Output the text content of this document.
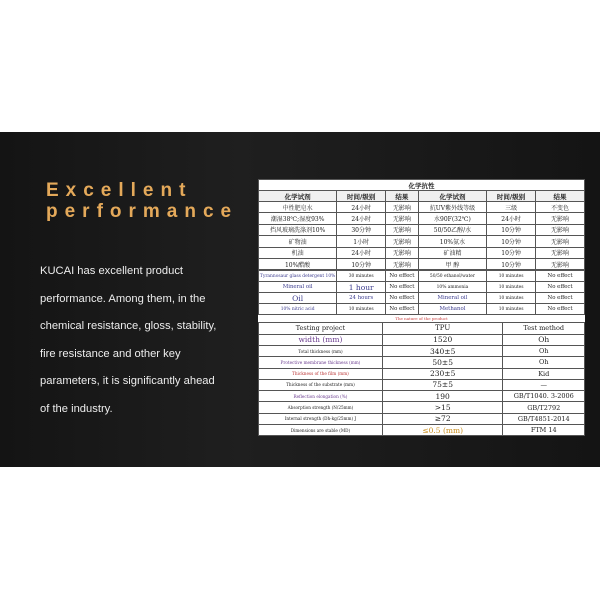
Excellent
performance
KUCAI has excellent product
performance. Among them, in the
chemical resistance, gloss, stability,
fire resistance and other key
parameters, it is significantly ahead
of the industry.
化学抗性					
化学试剂	时间/级别	结果	化学试剂	时间/级别	结果
中性肥皂水	24小时	无影响	抗UV紫外线等级	三级	不变色
潮湿38℃;湿度93%	24小时	无影响	水90F(32℃)	24小时	无影响
挡风玻璃洗涤剂10%	30分钟	无影响	50/50乙醇/水	10分钟	无影响
矿物油	1小时	无影响	10%氨水	10分钟	无影响
机油	24小时	无影响	矿油精	10分钟	无影响
10%醋酸	10分钟	无影响	甲 醇	10分钟	无影响
Tyrannosaur glass detergent 10%	30 minutes	No effect	50/50 ethanol/water	10 minutes	No effect
Mineral oil	1 hour	No effect	10% ammonia	10 minutes	No effect
Oil	24 hours	No effect	Mineral oil	10 minutes	No effect
10% nitric acid	10 minutes	No effect	Methanol	10 minutes	No effect
The nature of the product
Testing project	TPU	Test method
width (mm)	1520	Oh
Total thickness (mm)	340±5	Oh
Protective membrane thickness (mm)	50±5	Oh
Thickness of the film (mm)	230±5	Kid
Thickness of the substrate (mm)	75±5	—
Reflection elongation (%)	190	GB/T1040. 3-2006
Absorption strength (N/25mm)	>15	GB/T2792
Internal strength (Dh-kg/25mm) J	≥72	GB/T4851-2014
Dimensions are stable (MD)	≤0.5 (mm)	FTM 14
